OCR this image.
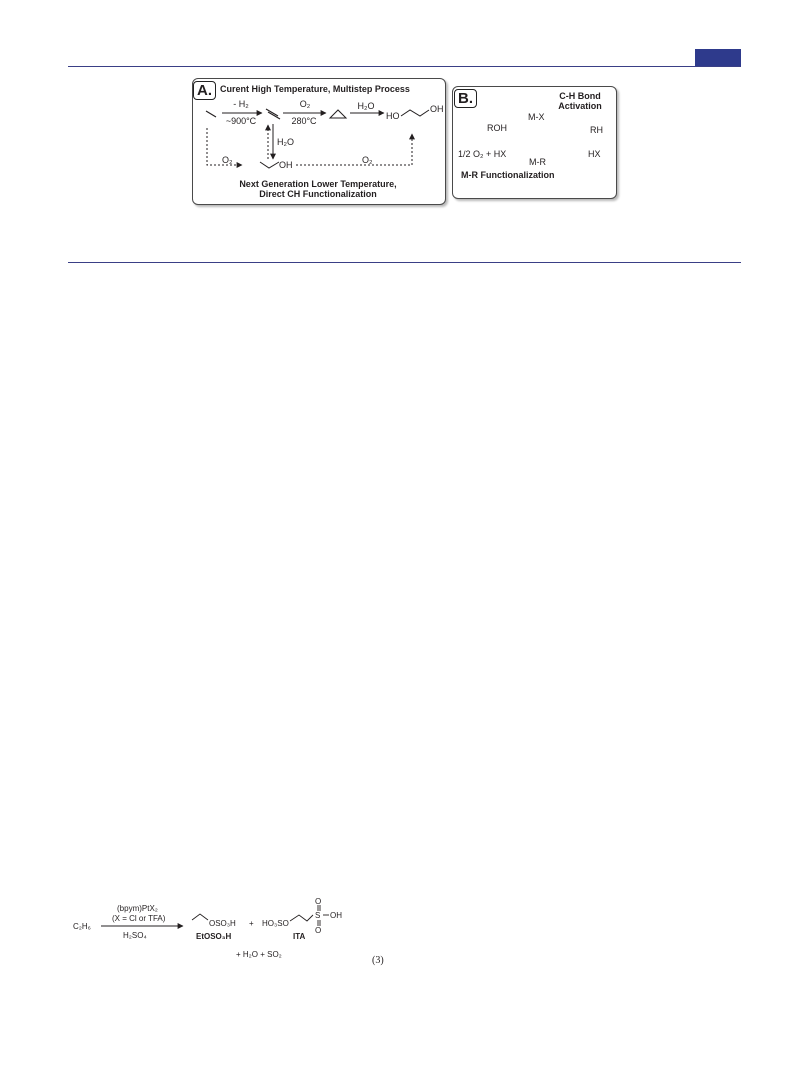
A. Curent High Temperature, Multistep Process
- H₂
~900°C
O₂
280°C
H₂O
HO
OH
H₂O
OH
O₂	O₂
Next Generation Lower Temperature,
Direct CH Functionalization
B.	C-H Bond
Activation
M-X
ROH	RH
HX
1/2 O₂ + HX
M-R
M-R Functionalization
C₂H₆
(bpym)PtX₂
(X = Cl or TFA)
H₂SO₄
OSO₃H
EtOSO₃H
+ HO₃SO
S
O
O
OH
ITA
+ H₂O + SO₂
(3)
